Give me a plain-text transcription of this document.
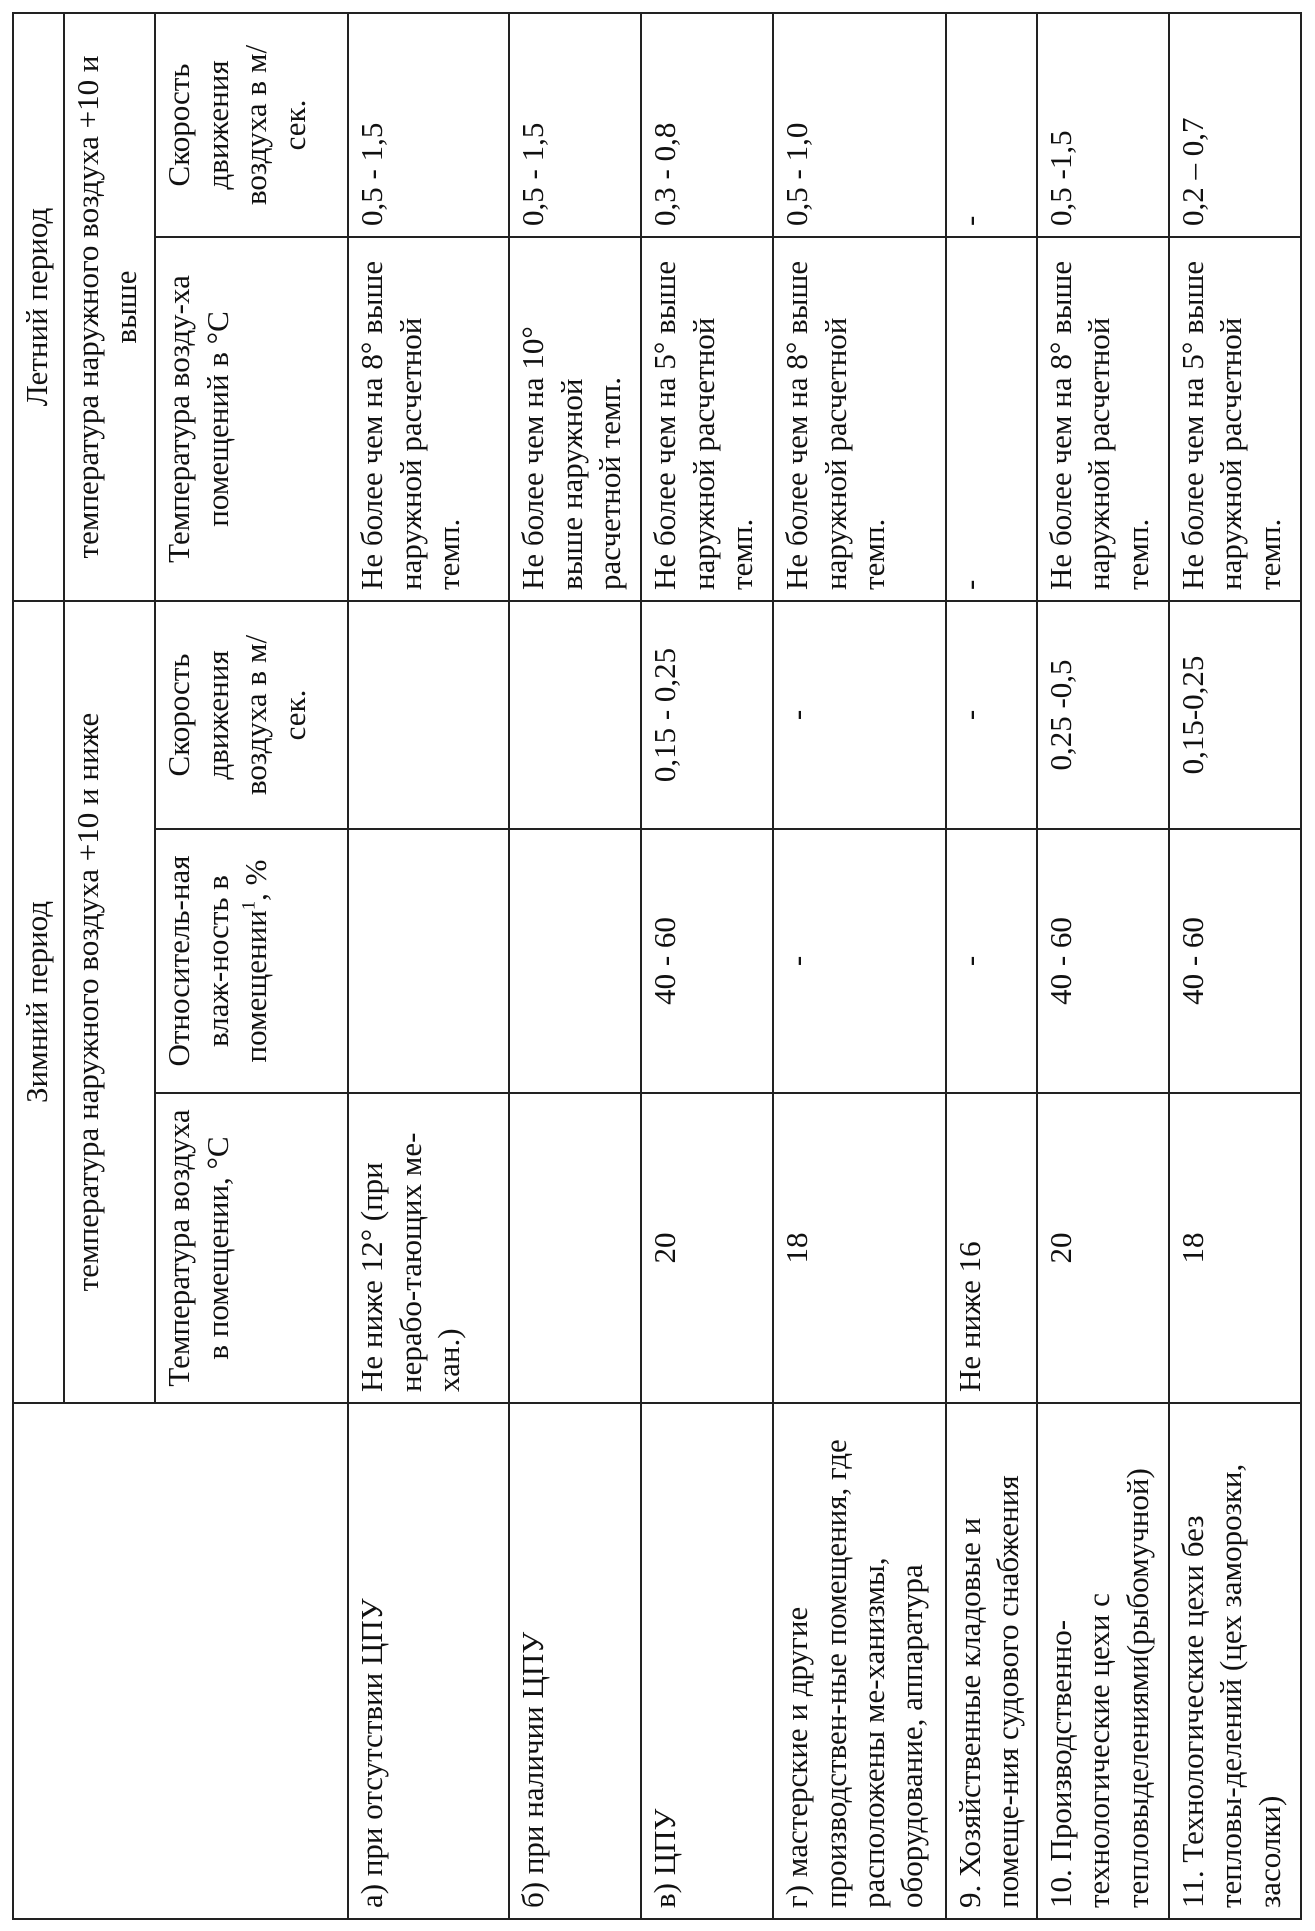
	Зимний период			Летний период	
	температура наружного воздуха +10 и ниже			температура наружного воздуха +10 и выше	
	Температура воздуха в помещении, °С	Относитель-ная влаж-ность в помещении$^1$, %	Скорость движения воздуха в м/сек.	Температура возду-ха помещений в °С	Скорость движения воздуха в м/сек.
а) при отсутствии ЦПУ	Не ниже 12° (при нерабо-тающих ме-хан.)			Не более чем на 8° выше наружной расчетной темп.	0,5 - 1,5
б) при наличии ЦПУ				Не более чем на 10° выше наружной расчетной темп.	0,5 - 1,5
в) ЦПУ	20	40 - 60	0,15 - 0,25	Не более чем на 5° выше наружной расчетной темп.	0,3 - 0,8
г) мастерские и другие производствен-ные помещения, где расположены ме-ханизмы, оборудование, аппаратура	18	-	-	Не более чем на 8° выше наружной расчетной темп.	0,5 - 1,0
9. Хозяйственные кладовые и помеще-ния судового снабжения	Не ниже 16	-	-	-	-
10. Производственно- технологические цехи с тепловыделениями(рыбомучной)	20	40 - 60	0,25 -0,5	Не более чем на 8° выше наружной расчетной темп.	0,5 -1,5
11. Технологические цехи без тепловы-делений (цех заморозки, засолки)	18	40 - 60	0,15-0,25	Не более чем на 5° выше наружной расчетной темп.	0,2 – 0,7
